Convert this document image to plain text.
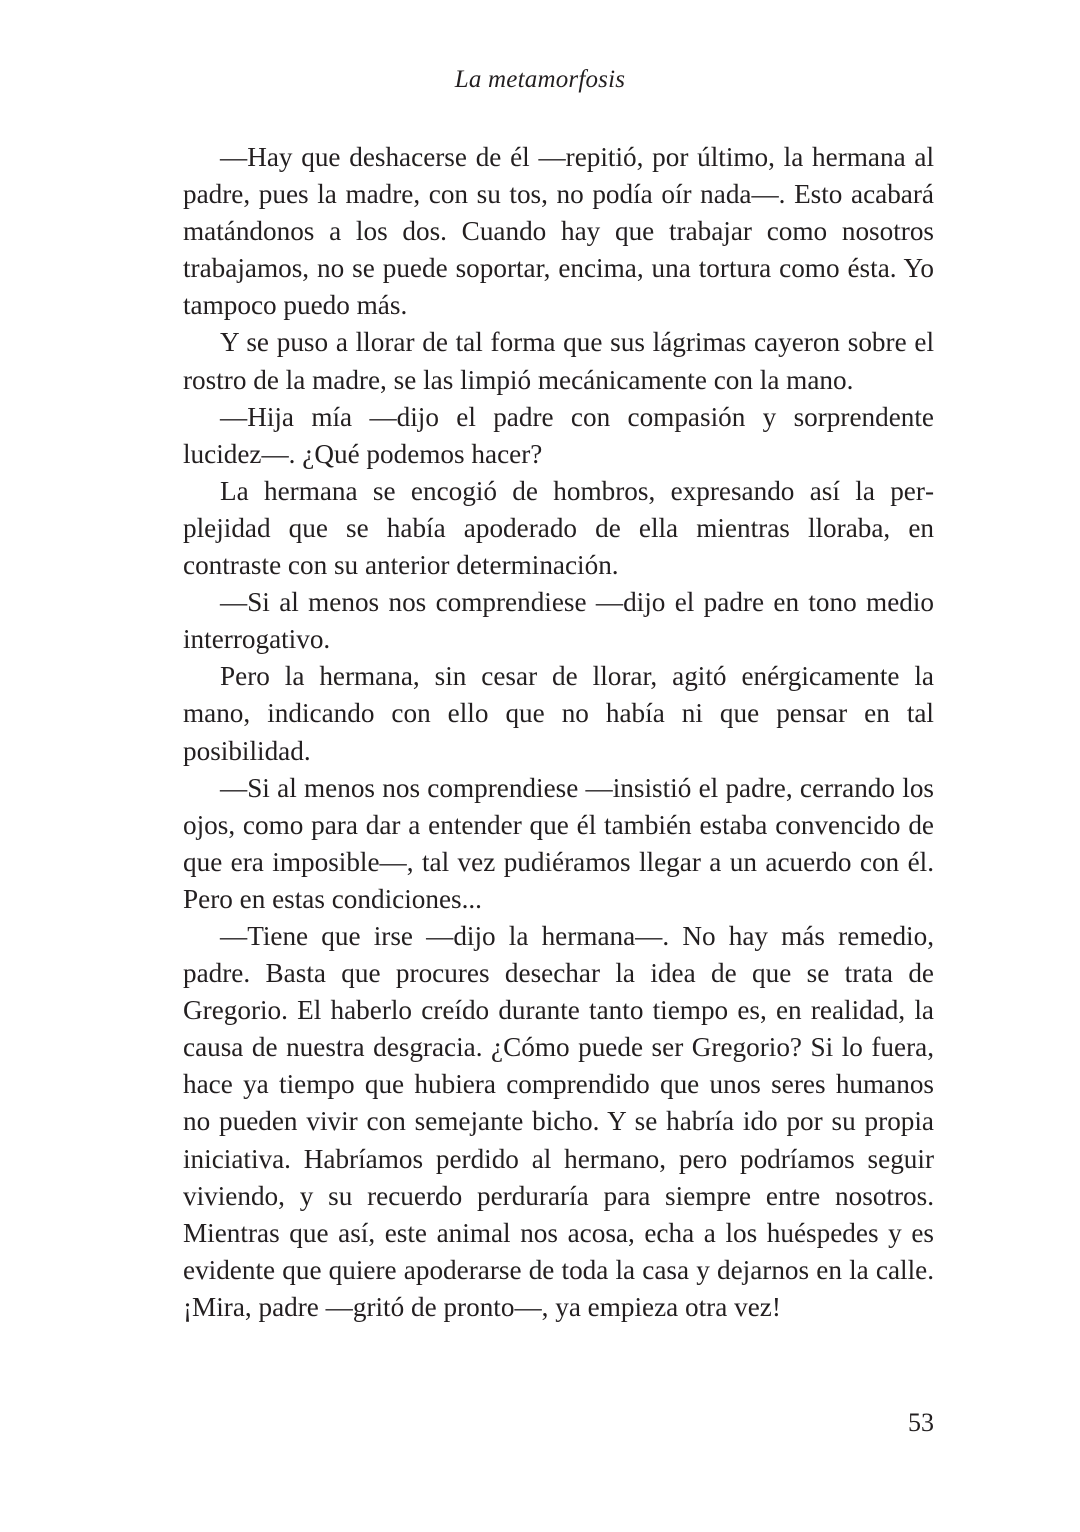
La metamorfosis

—Hay que deshacerse de él —repitió, por último, la hermana al padre, pues la madre, con su tos, no podía oír nada—. Esto acabará matándonos a los dos. Cuando hay que trabajar como nosotros trabajamos, no se puede soportar, encima, una tortura como ésta. Yo tampoco puedo más.

Y se puso a llorar de tal forma que sus lágrimas cayeron sobre el rostro de la madre, se las limpió mecánicamente con la mano.

—Hija mía —dijo el padre con compasión y sorprendente lucidez—. ¿Qué podemos hacer?

La hermana se encogió de hombros, expresando así la perplejidad que se había apoderado de ella mientras lloraba, en contraste con su anterior determinación.

—Si al menos nos comprendiese —dijo el padre en tono medio interrogativo.

Pero la hermana, sin cesar de llorar, agitó enérgicamente la mano, indicando con ello que no había ni que pensar en tal posibilidad.

—Si al menos nos comprendiese —insistió el padre, cerrando los ojos, como para dar a entender que él también estaba convencido de que era imposible—, tal vez pudiéramos llegar a un acuerdo con él. Pero en estas condiciones...

—Tiene que irse —dijo la hermana—. No hay más remedio, padre. Basta que procures desechar la idea de que se trata de Gregorio. El haberlo creído durante tanto tiempo es, en realidad, la causa de nuestra desgracia. ¿Cómo puede ser Gregorio? Si lo fuera, hace ya tiempo que hubiera comprendido que unos seres humanos no pueden vivir con semejante bicho. Y se habría ido por su propia iniciativa. Habríamos perdido al hermano, pero podríamos seguir viviendo, y su recuerdo perduraría para siempre entre nosotros. Mientras que así, este animal nos acosa, echa a los huéspedes y es evidente que quiere apoderarse de toda la casa y dejarnos en la calle. ¡Mira, padre —gritó de pronto—, ya empieza otra vez!

53
